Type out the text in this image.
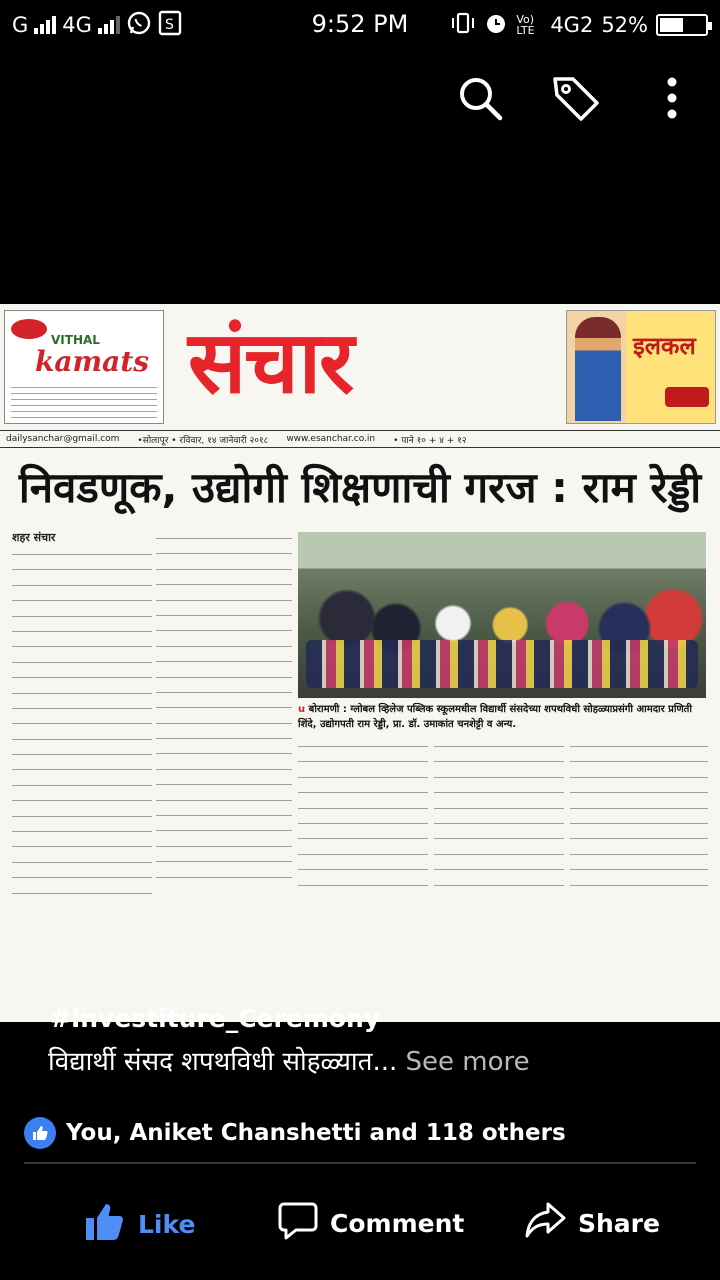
G 4G	S	9:52 PM	Vo) LTE 4G2 52%
VITHAL
kamats संचार	इलकल
dailysanchar@gmail.com •सोलापूर • रविवार, १४ जानेवारी २०१८ www.esanchar.co.in • पाने १० + ४ + १२
निवडणूक, उद्योगी शिक्षणाची गरज : राम रेड्डी
शहर संचार
u बोरामणी : ग्लोबल व्हिलेज पब्लिक स्कूलमधील विद्यार्थी संसदेच्या शपथविधी सोहळ्याप्रसंगी आमदार प्रणिती शिंदे, उद्योगपती राम रेड्डी, प्रा. डॉ. उमाकांत चनशेट्टी व अन्य.
#Investiture_Ceremony
विद्यार्थी संसद शपथविधी सोहळ्यात... See more
You, Aniket Chanshetti and 118 others
Like	Comment	Share
